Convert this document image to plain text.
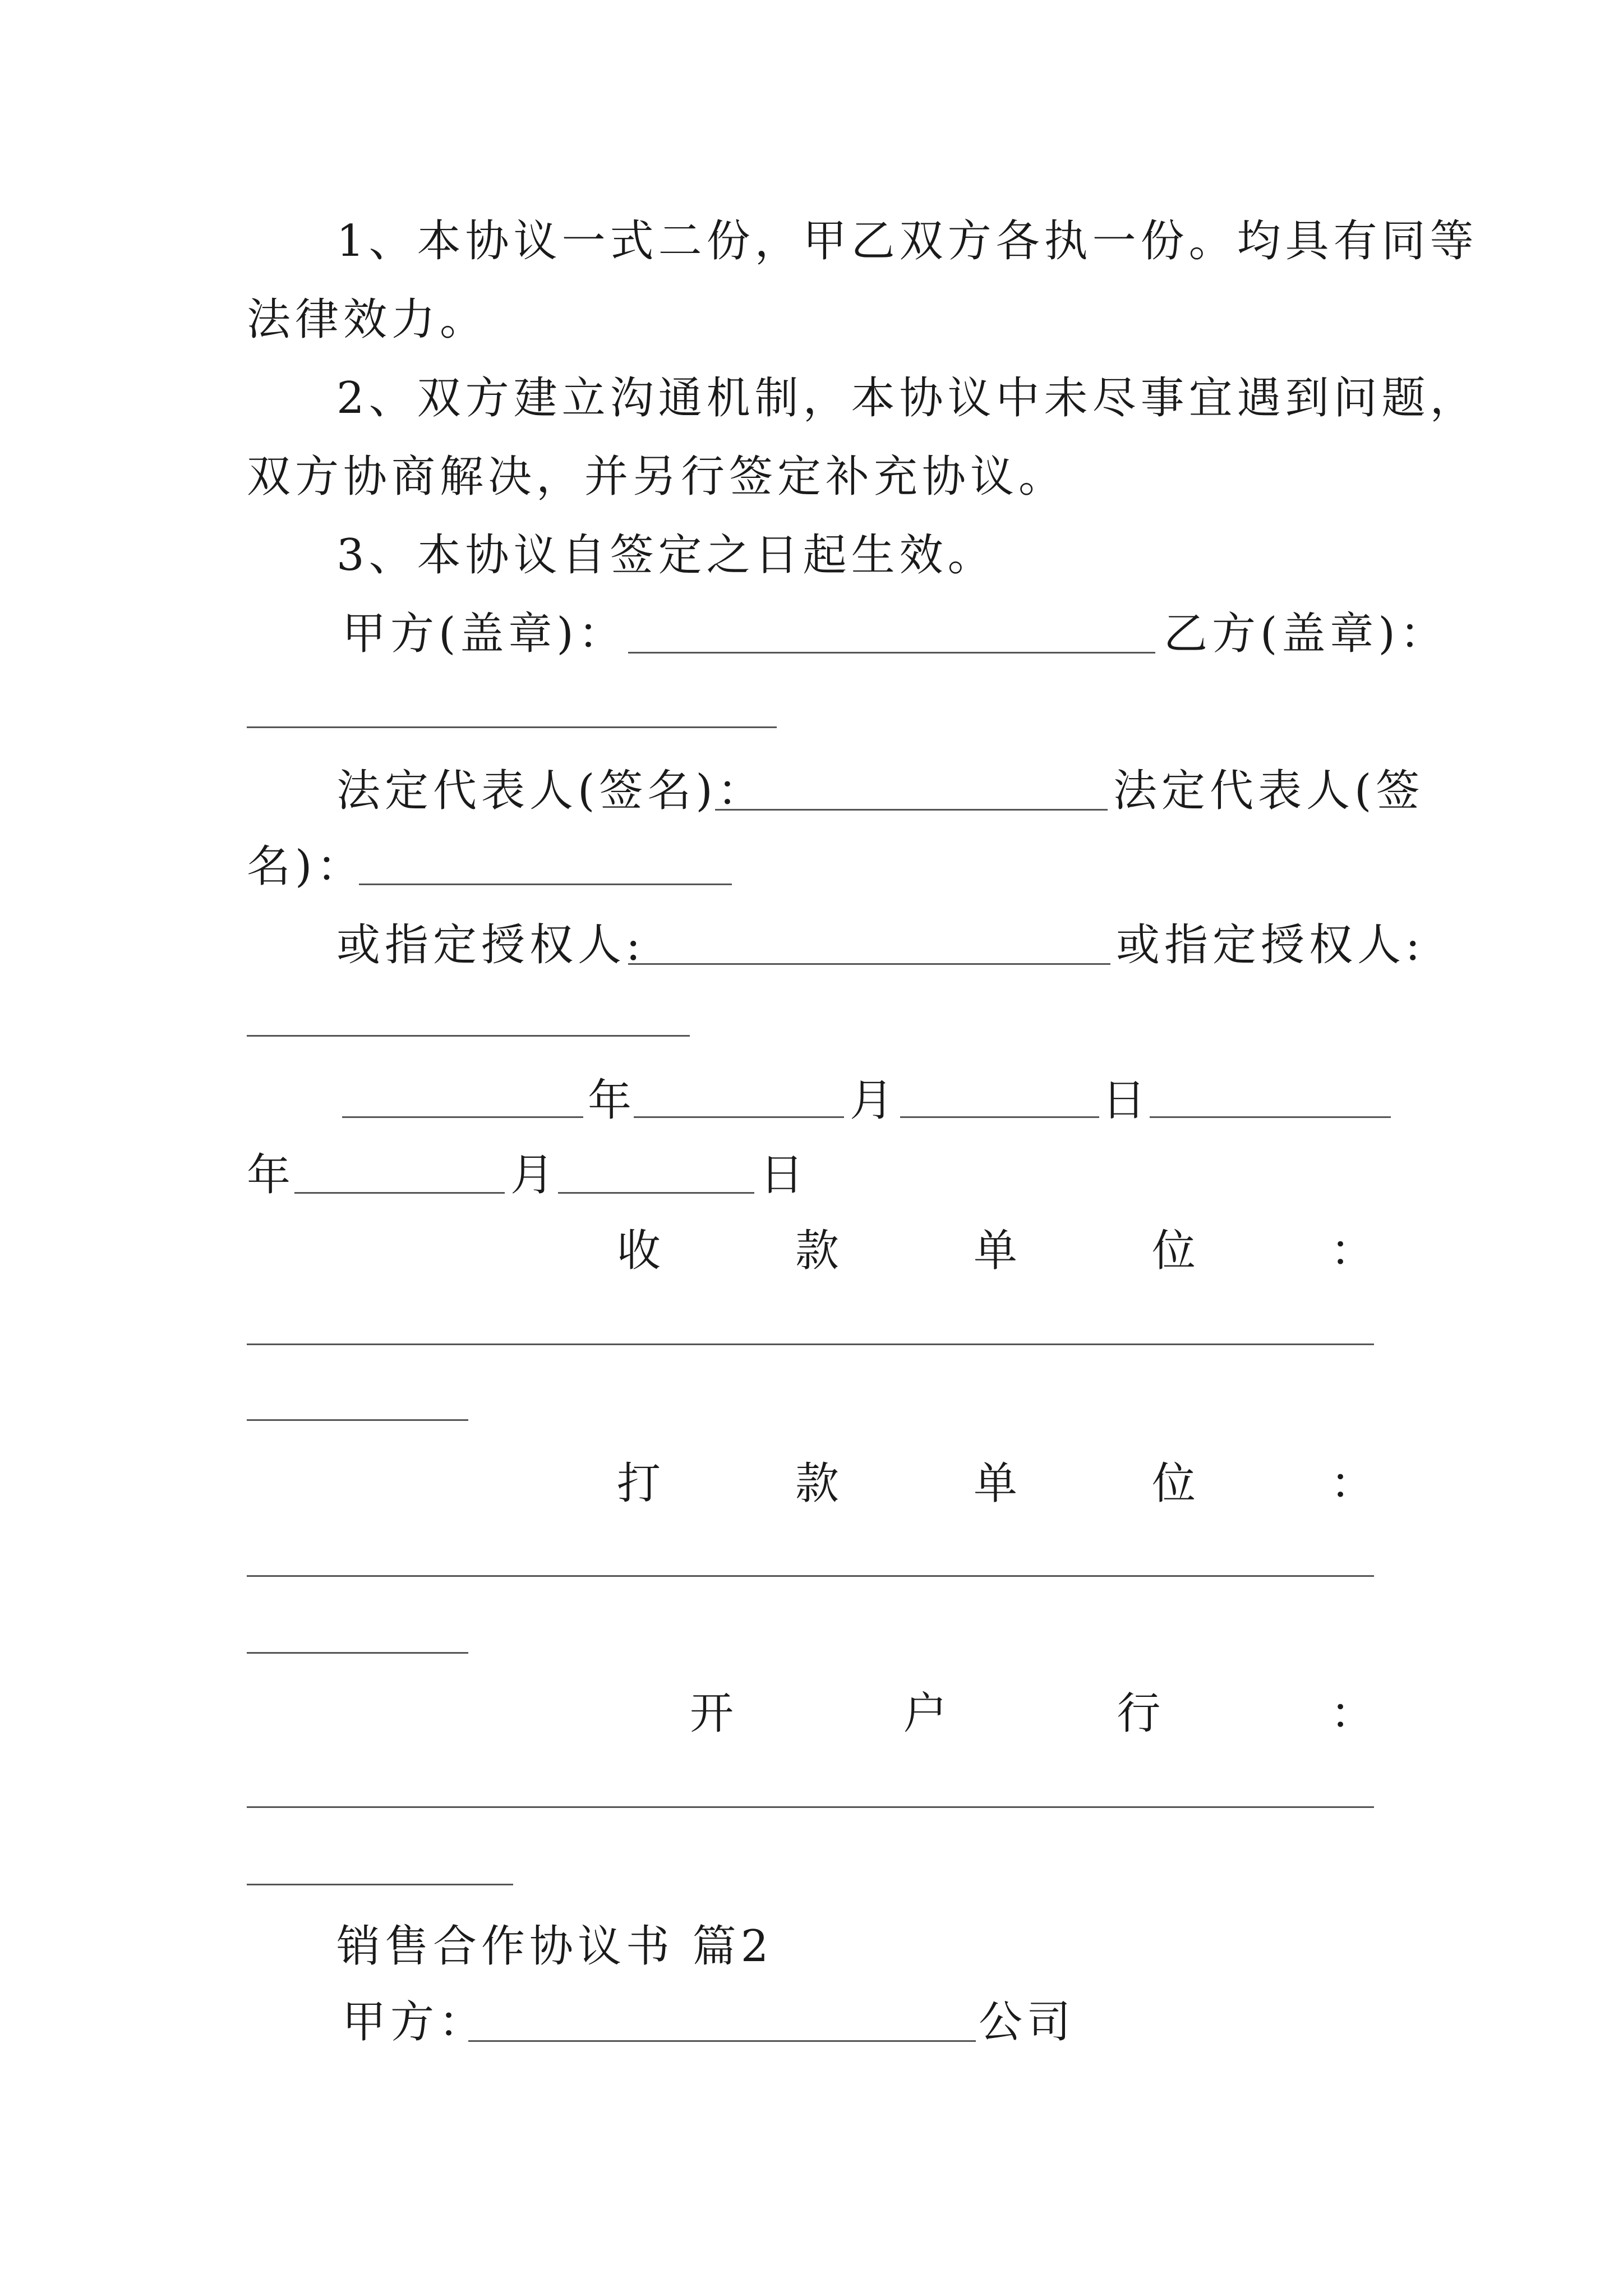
1、本协议一式二份，甲乙双方各执一份。均具有同等
法律效力。
2、双方建立沟通机制，本协议中未尽事宜遇到问题，
双方协商解决，并另行签定补充协议。
3、本协议自签定之日起生效。
甲方(盖章)：	乙方(盖章)：
法定代表人(签名)：	法定代表人(签
名)：
或指定授权人:	或指定授权人:
年	月	日
年	月	日
收	款	单	位	：
打	款	单	位	：
开	户	行	：
销售合作协议书 篇2
甲方：	公司
